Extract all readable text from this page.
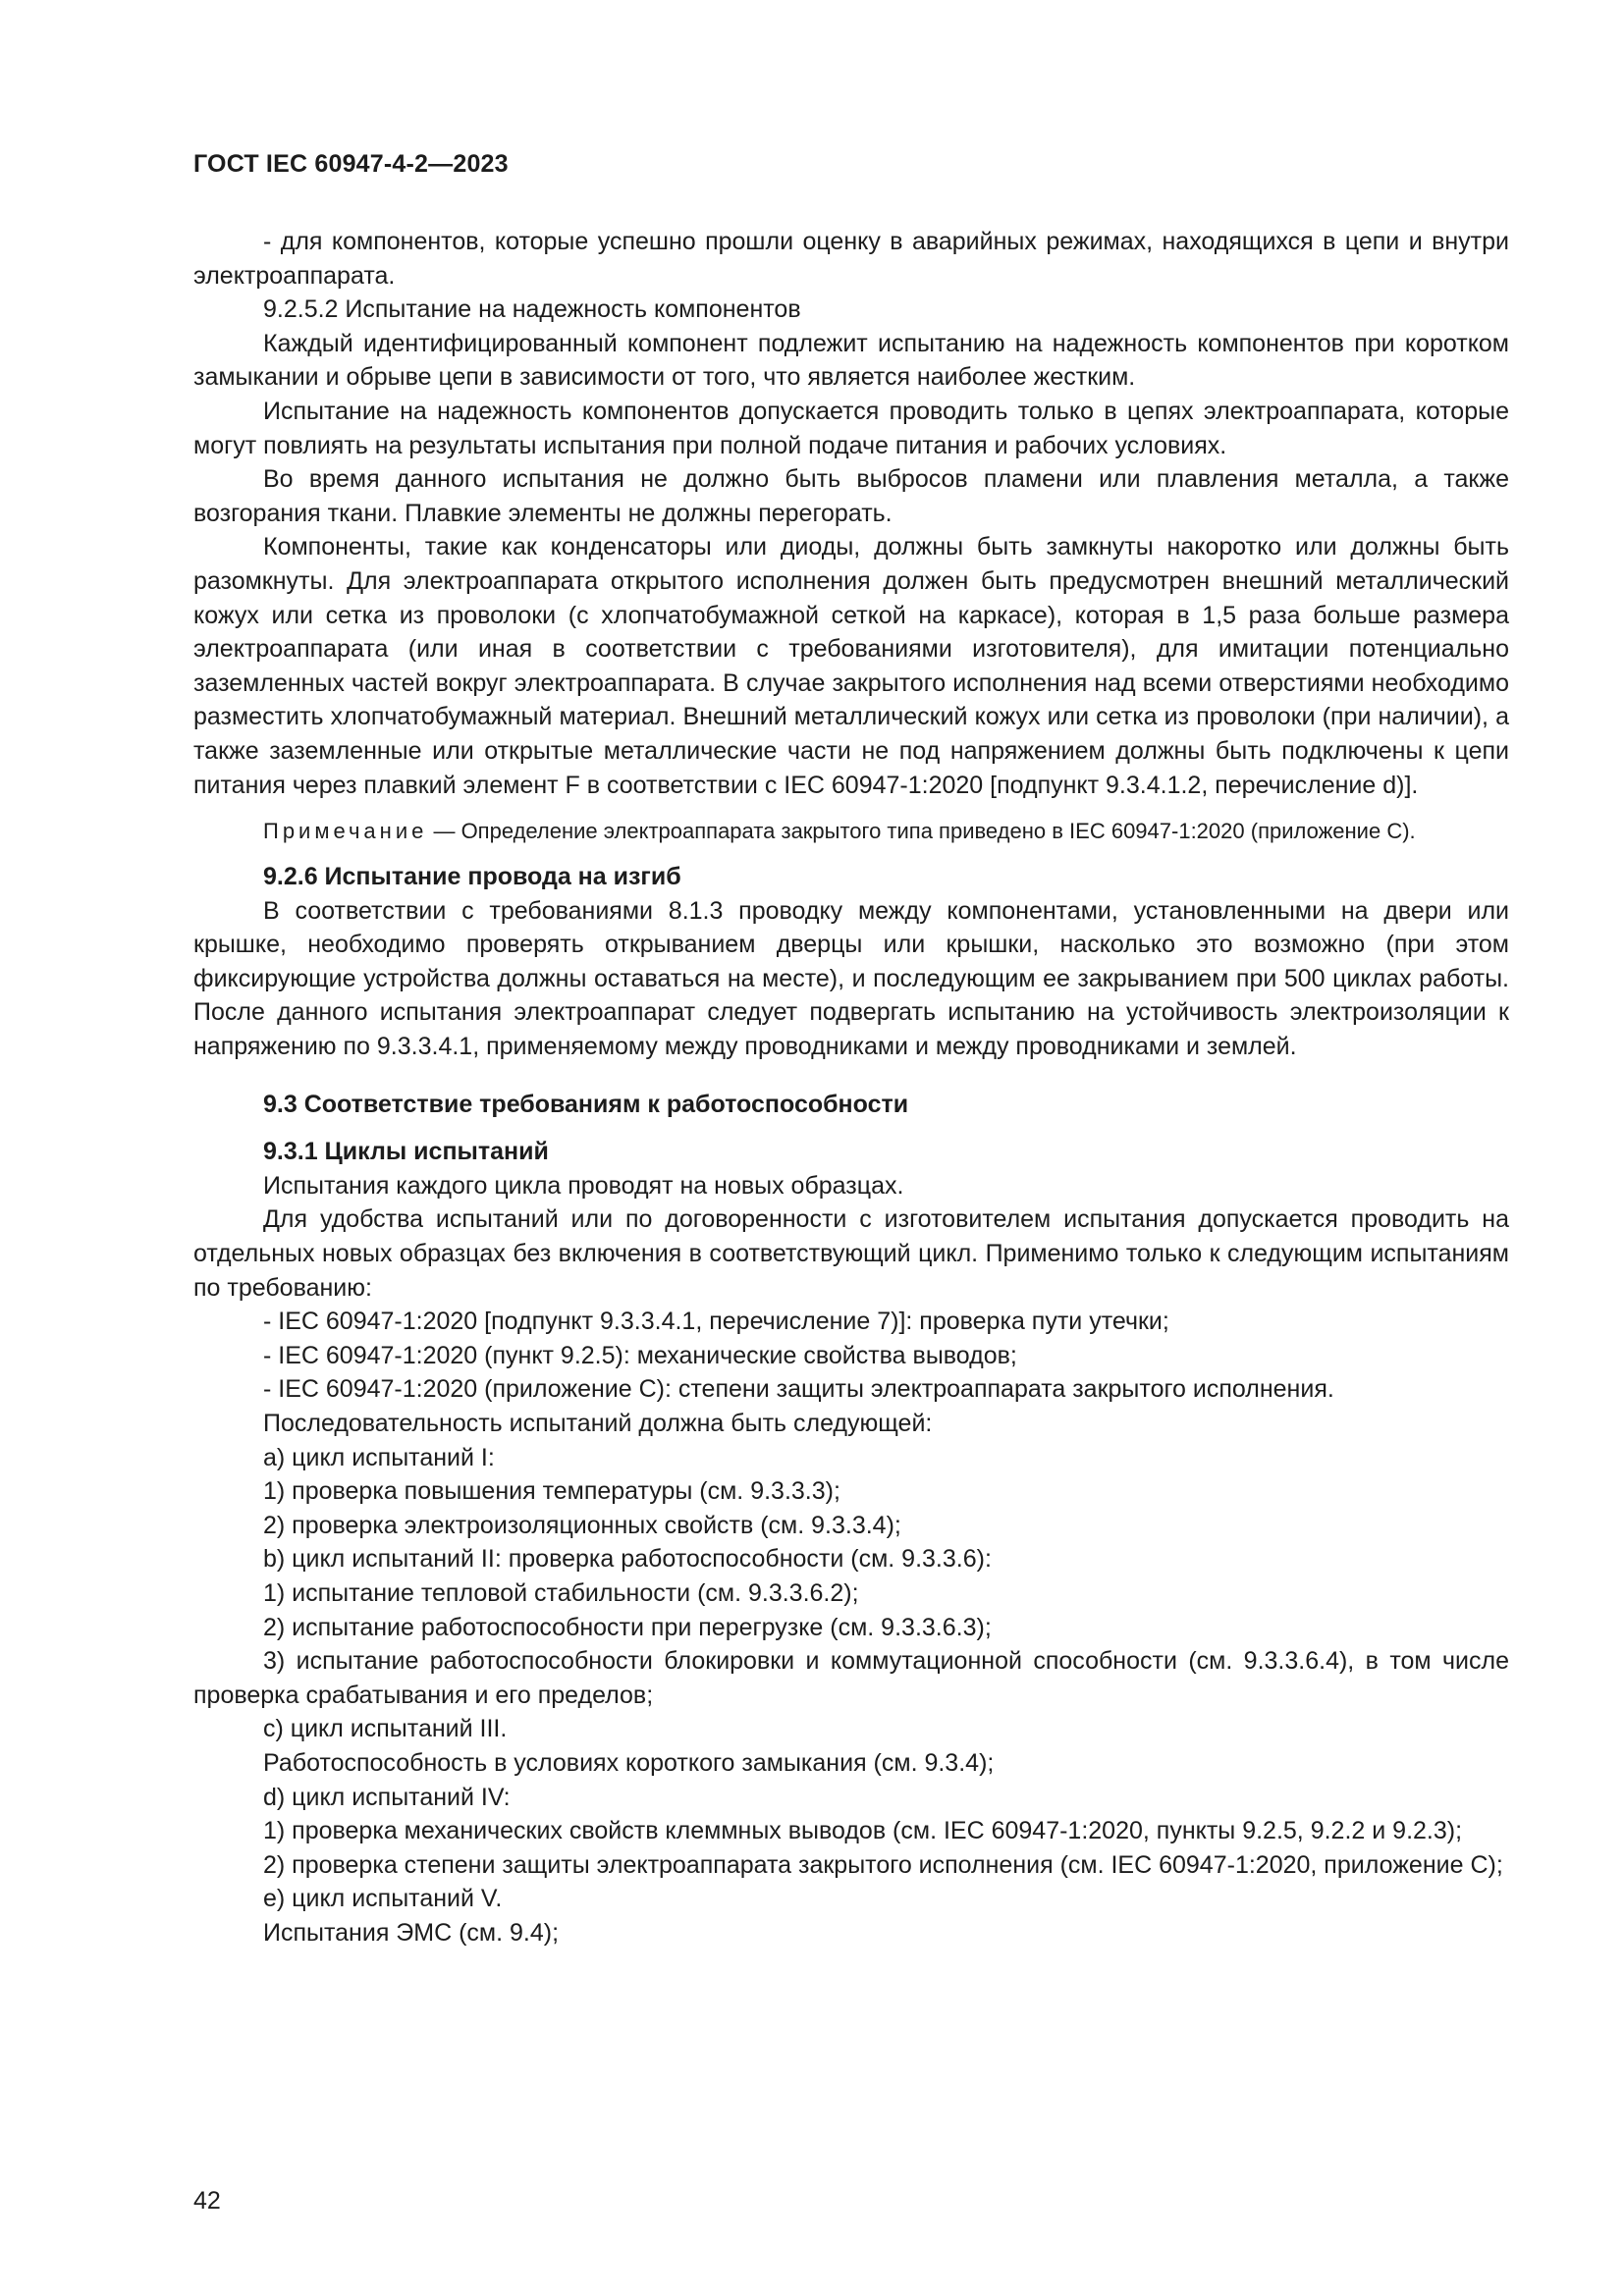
ГОСТ IEC 60947-4-2—2023

- для компонентов, которые успешно прошли оценку в аварийных режимах, находящихся в цепи и внутри электроаппарата.

9.2.5.2 Испытание на надежность компонентов

Каждый идентифицированный компонент подлежит испытанию на надежность компонентов при коротком замыкании и обрыве цепи в зависимости от того, что является наиболее жестким.

Испытание на надежность компонентов допускается проводить только в цепях электроаппарата, которые могут повлиять на результаты испытания при полной подаче питания и рабочих условиях.

Во время данного испытания не должно быть выбросов пламени или плавления металла, а также возгорания ткани. Плавкие элементы не должны перегорать.

Компоненты, такие как конденсаторы или диоды, должны быть замкнуты накоротко или должны быть разомкнуты. Для электроаппарата открытого исполнения должен быть предусмотрен внешний металлический кожух или сетка из проволоки (с хлопчатобумажной сеткой на каркасе), которая в 1,5 раза больше размера электроаппарата (или иная в соответствии с требованиями изготовителя), для имитации потенциально заземленных частей вокруг электроаппарата. В случае закрытого исполнения над всеми отверстиями необходимо разместить хлопчатобумажный материал. Внешний металлический кожух или сетка из проволоки (при наличии), а также заземленные или открытые металлические части не под напряжением должны быть подключены к цепи питания через плавкий элемент F в соответствии с IEC 60947-1:2020 [подпункт 9.3.4.1.2, перечисление d)].

Примечание — Определение электроаппарата закрытого типа приведено в IEC 60947-1:2020 (приложение С).

9.2.6 Испытание провода на изгиб

В соответствии с требованиями 8.1.3 проводку между компонентами, установленными на двери или крышке, необходимо проверять открыванием дверцы или крышки, насколько это возможно (при этом фиксирующие устройства должны оставаться на месте), и последующим ее закрыванием при 500 циклах работы. После данного испытания электроаппарат следует подвергать испытанию на устойчивость электроизоляции к напряжению по 9.3.3.4.1, применяемому между проводниками и между проводниками и землей.

9.3 Соответствие требованиям к работоспособности

9.3.1 Циклы испытаний

Испытания каждого цикла проводят на новых образцах.

Для удобства испытаний или по договоренности с изготовителем испытания допускается проводить на отдельных новых образцах без включения в соответствующий цикл. Применимо только к следующим испытаниям по требованию:

- IEC 60947-1:2020 [подпункт 9.3.3.4.1, перечисление 7)]: проверка пути утечки;

- IEC 60947-1:2020 (пункт 9.2.5): механические свойства выводов;

- IEC 60947-1:2020 (приложение С): степени защиты электроаппарата закрытого исполнения.

Последовательность испытаний должна быть следующей:

a) цикл испытаний I:

1) проверка повышения температуры (см. 9.3.3.3);

2) проверка электроизоляционных свойств (см. 9.3.3.4);

b) цикл испытаний II: проверка работоспособности (см. 9.3.3.6):

1) испытание тепловой стабильности (см. 9.3.3.6.2);

2) испытание работоспособности при перегрузке (см. 9.3.3.6.3);

3) испытание работоспособности блокировки и коммутационной способности (см. 9.3.3.6.4), в том числе проверка срабатывания и его пределов;

c) цикл испытаний III.

Работоспособность в условиях короткого замыкания (см. 9.3.4);

d) цикл испытаний IV:

1) проверка механических свойств клеммных выводов (см. IEC 60947-1:2020, пункты 9.2.5, 9.2.2 и 9.2.3);

2) проверка степени защиты электроаппарата закрытого исполнения (см. IEC 60947-1:2020, приложение С);

e) цикл испытаний V.

Испытания ЭМС (см. 9.4);

42
